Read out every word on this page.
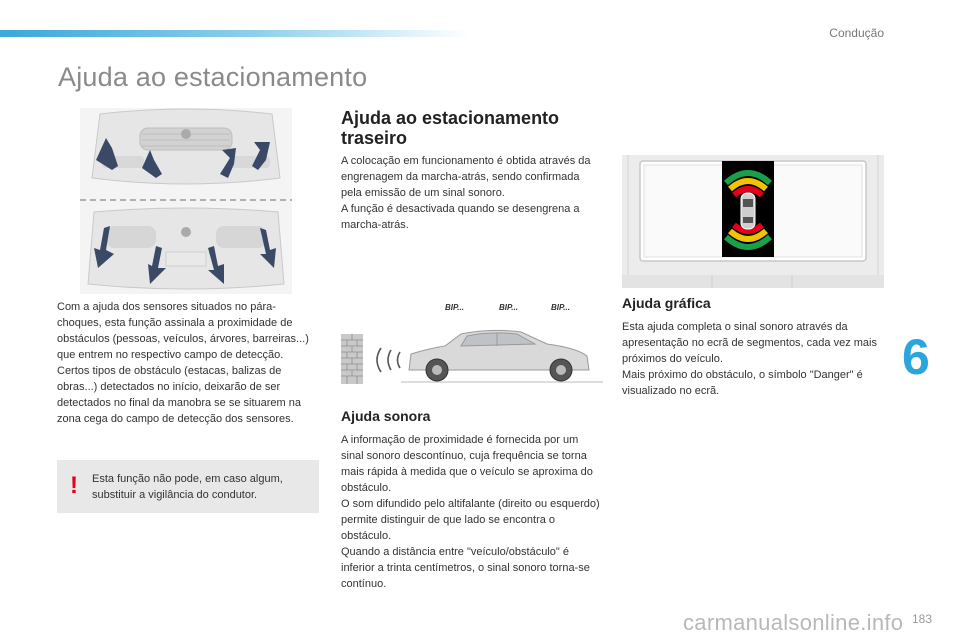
Condução
Ajuda ao estacionamento

Com a ajuda dos sensores situados no pára-choques, esta função assinala a proximidade de obstáculos (pessoas, veículos, árvores, barreiras...) que entrem no respectivo campo de detecção.

Certos tipos de obstáculo (estacas, balizas de obras...) detectados no início, deixarão de ser detectados no final da manobra se se situarem na zona cega do campo de detecção dos sensores.

! Esta função não pode, em caso algum, substituir a vigilância do condutor.
Ajuda ao estacionamento traseiro

A colocação em funcionamento é obtida através da engrenagem da marcha-atrás, sendo confirmada pela emissão de um sinal sonoro.

A função é desactivada quando se desengrena a marcha-atrás.

BIP...	BIP...	BIP...
Ajuda sonora

A informação de proximidade é fornecida por um sinal sonoro descontínuo, cuja frequência se torna mais rápida à medida que o veículo se aproxima do obstáculo.

O som difundido pelo altifalante (direito ou esquerdo) permite distinguir de que lado se encontra o obstáculo.

Quando a distância entre "veículo/obstáculo" é inferior a trinta centímetros, o sinal sonoro torna-se contínuo.

Ajuda gráfica

Esta ajuda completa o sinal sonoro através da apresentação no ecrã de segmentos, cada vez mais próximos do veículo.

Mais próximo do obstáculo, o símbolo "Danger" é visualizado no ecrã.

6
carmanualsonline.info 183
